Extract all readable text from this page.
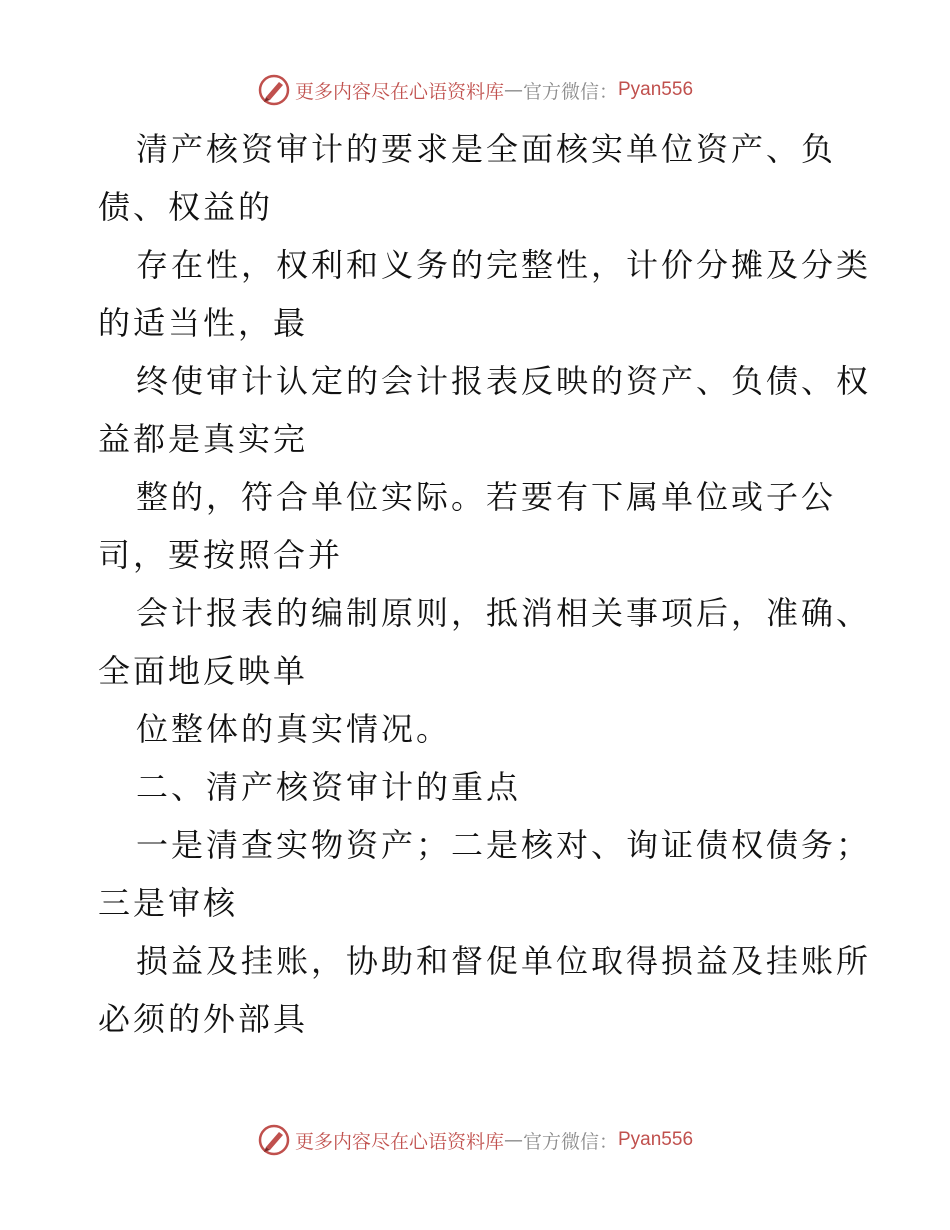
更多内容尽在心语资料库 — 官方微信： Pyan556

清产核资审计的要求是全面核实单位资产、负
债、权益的

存在性，权利和义务的完整性，计价分摊及分类
的适当性，最

终使审计认定的会计报表反映的资产、负债、权
益都是真实完

整的，符合单位实际。若要有下属单位或子公
司，要按照合并

会计报表的编制原则，抵消相关事项后，准确、
全面地反映单

位整体的真实情况。

二、清产核资审计的重点

一是清查实物资产；二是核对、询证债权债务；
三是审核

损益及挂账，协助和督促单位取得损益及挂账所
必须的外部具

更多内容尽在心语资料库 — 官方微信： Pyan556
